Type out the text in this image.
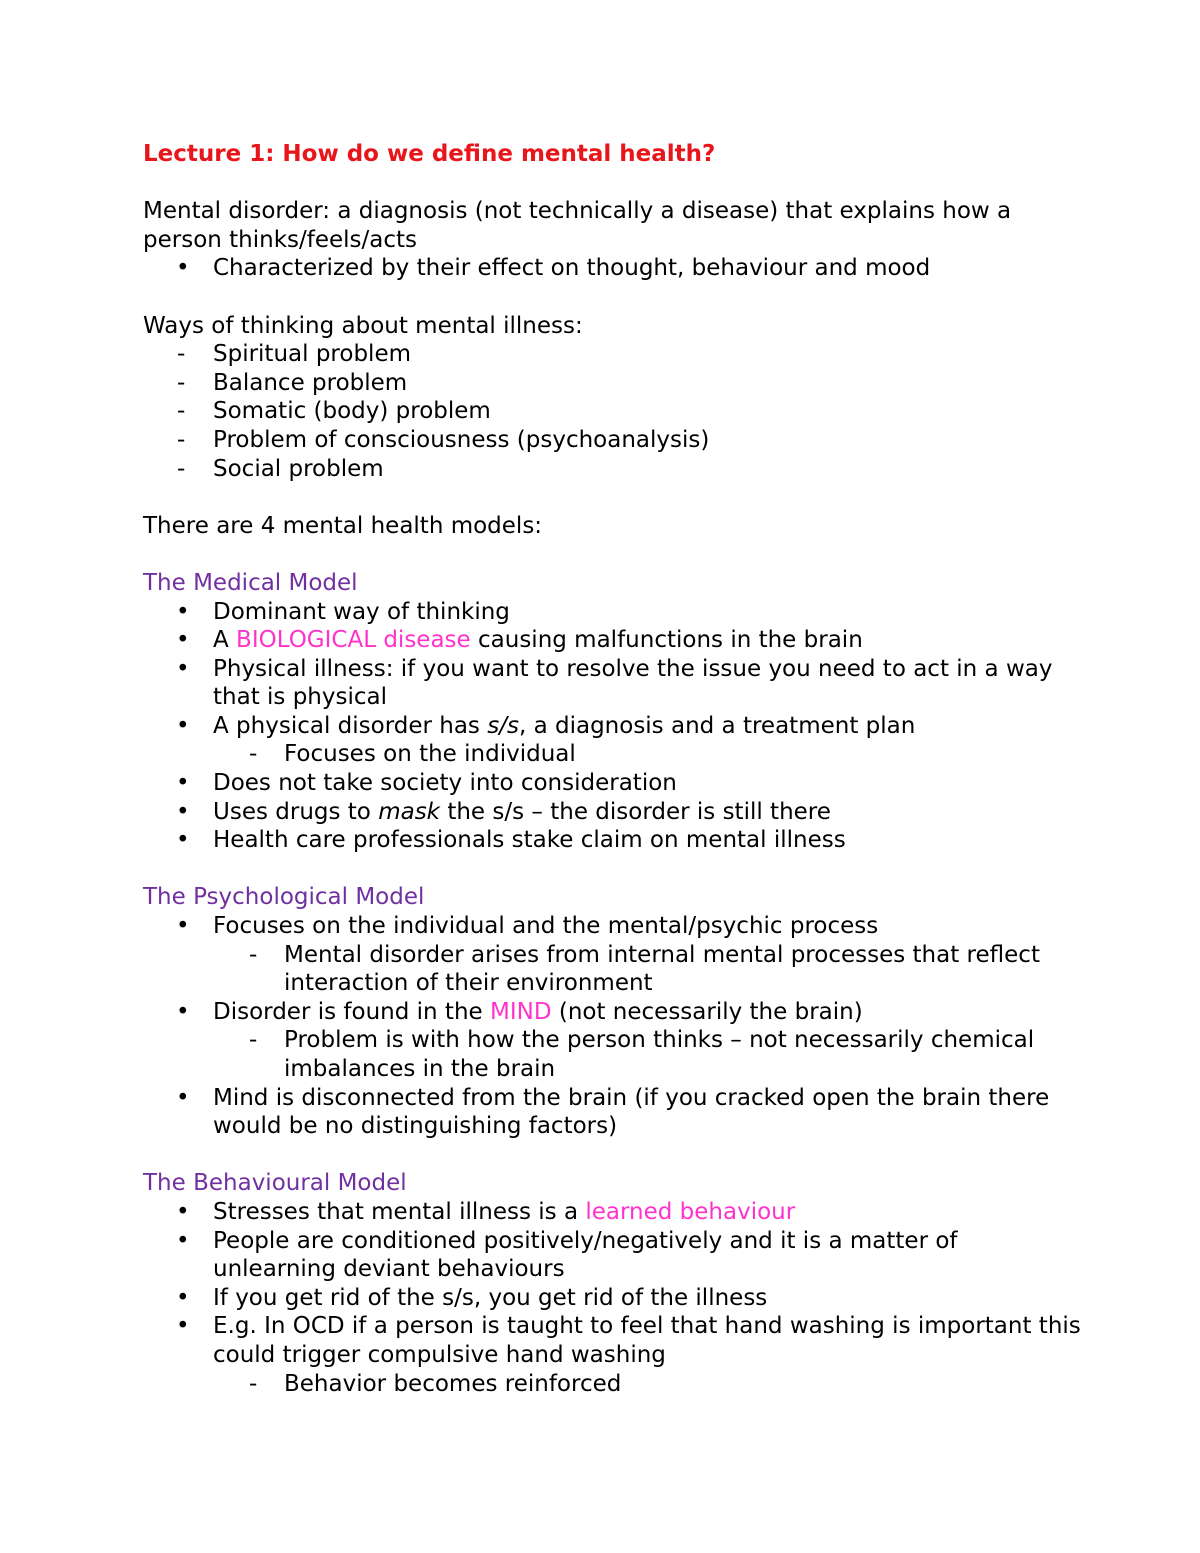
Lecture 1: How do we define mental health?

Mental disorder: a diagnosis (not technically a disease) that explains how a person thinks/feels/acts

• Characterized by their effect on thought, behaviour and mood

Ways of thinking about mental illness:

- Spiritual problem
- Balance problem
- Somatic (body) problem
- Problem of consciousness (psychoanalysis)
- Social problem

There are 4 mental health models:

The Medical Model

• Dominant way of thinking
• A BIOLOGICAL disease causing malfunctions in the brain
• Physical illness: if you want to resolve the issue you need to act in a way that is physical
• A physical disorder has s/s, a diagnosis and a treatment plan
- Focuses on the individual
• Does not take society into consideration
• Uses drugs to mask the s/s – the disorder is still there
• Health care professionals stake claim on mental illness

The Psychological Model

• Focuses on the individual and the mental/psychic process
- Mental disorder arises from internal mental processes that reflect interaction of their environment
• Disorder is found in the MIND (not necessarily the brain)
- Problem is with how the person thinks – not necessarily chemical imbalances in the brain
• Mind is disconnected from the brain (if you cracked open the brain there would be no distinguishing factors)

The Behavioural Model

• Stresses that mental illness is a learned behaviour
• People are conditioned positively/negatively and it is a matter of unlearning deviant behaviours
• If you get rid of the s/s, you get rid of the illness
• E.g. In OCD if a person is taught to feel that hand washing is important this could trigger compulsive hand washing
- Behavior becomes reinforced
